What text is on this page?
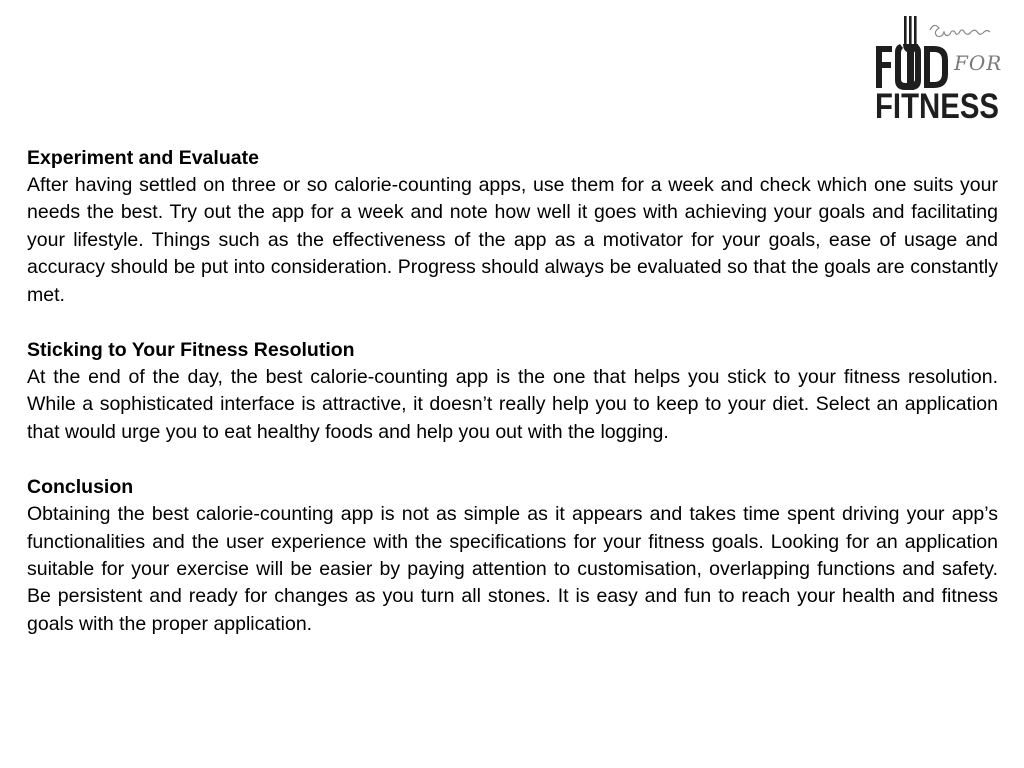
FOR
FITNESS

Experiment and Evaluate

After having settled on three or so calorie-counting apps, use them for a week and check which one suits your needs the best. Try out the app for a week and note how well it goes with achieving your goals and facilitating your lifestyle. Things such as the effectiveness of the app as a motivator for your goals, ease of usage and accuracy should be put into consideration. Progress should always be evaluated so that the goals are constantly met.

Sticking to Your Fitness Resolution

At the end of the day, the best calorie-counting app is the one that helps you stick to your fitness resolution. While a sophisticated interface is attractive, it doesn’t really help you to keep to your diet. Select an application that would urge you to eat healthy foods and help you out with the logging.

Conclusion

Obtaining the best calorie-counting app is not as simple as it appears and takes time spent driving your app’s functionalities and the user experience with the specifications for your fitness goals. Looking for an application suitable for your exercise will be easier by paying attention to customisation, overlapping functions and safety. Be persistent and ready for changes as you turn all stones. It is easy and fun to reach your health and fitness goals with the proper application.
